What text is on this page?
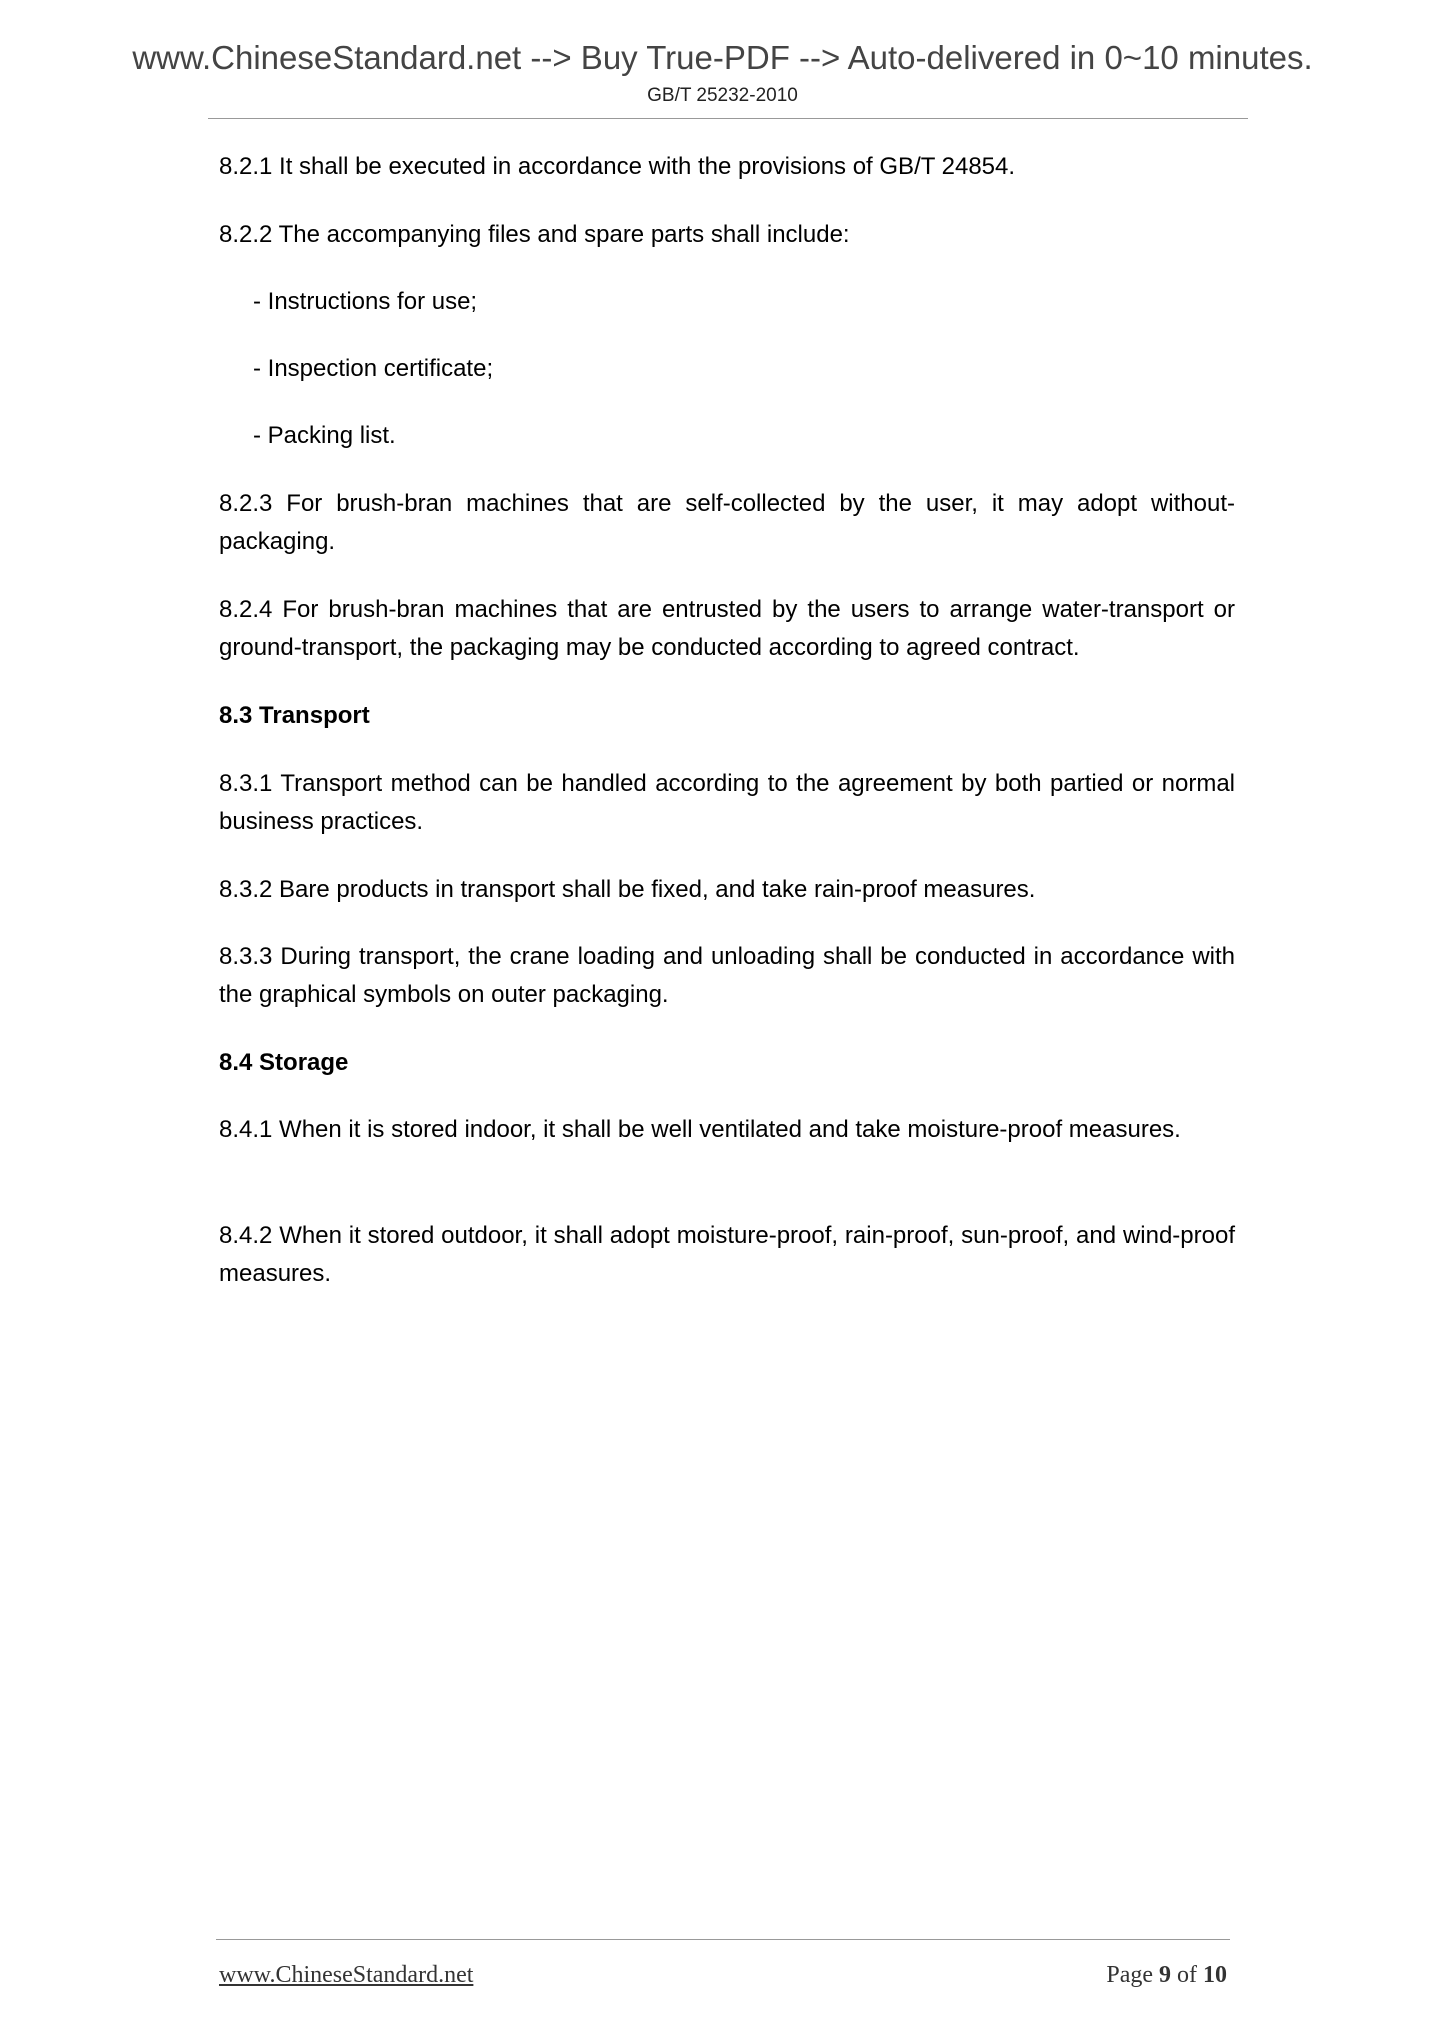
www.ChineseStandard.net --> Buy True-PDF --> Auto-delivered in 0~10 minutes.
GB/T 25232-2010
8.2.1 It shall be executed in accordance with the provisions of GB/T 24854.
8.2.2 The accompanying files and spare parts shall include:
- Instructions for use;
- Inspection certificate;
- Packing list.
8.2.3 For brush-bran machines that are self-collected by the user, it may adopt without-packaging.
8.2.4 For brush-bran machines that are entrusted by the users to arrange water-transport or ground-transport, the packaging may be conducted according to agreed contract.
8.3 Transport
8.3.1 Transport method can be handled according to the agreement by both partied or normal business practices.
8.3.2 Bare products in transport shall be fixed, and take rain-proof measures.
8.3.3 During transport, the crane loading and unloading shall be conducted in accordance with the graphical symbols on outer packaging.
8.4 Storage
8.4.1 When it is stored indoor, it shall be well ventilated and take moisture-proof measures.
8.4.2 When it stored outdoor, it shall adopt moisture-proof, rain-proof, sun-proof, and wind-proof measures.
www.ChineseStandard.net	Page 9 of 10
